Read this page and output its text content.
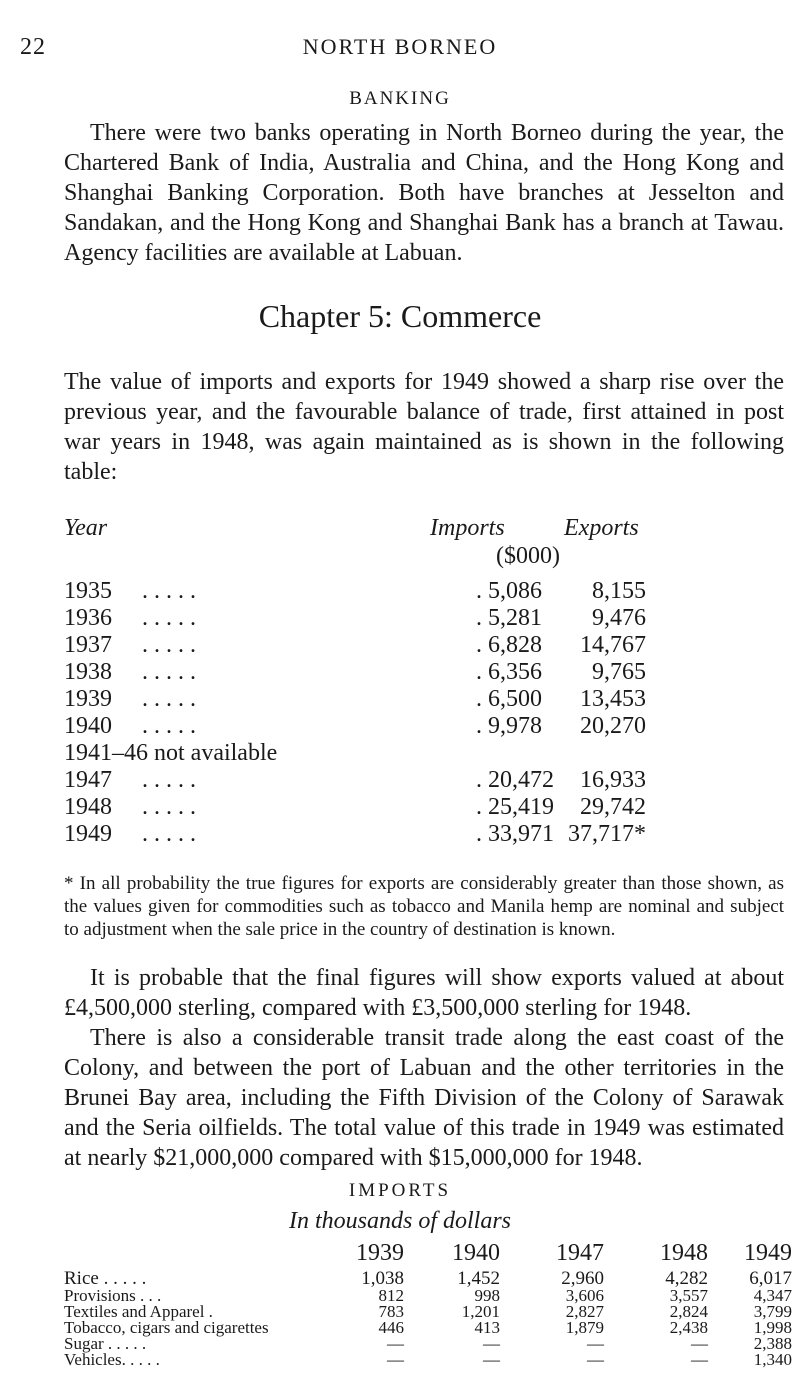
22	NORTH BORNEO
BANKING
There were two banks operating in North Borneo during the year, the Chartered Bank of India, Australia and China, and the Hong Kong and Shanghai Banking Corporation. Both have branches at Jesselton and Sandakan, and the Hong Kong and Shanghai Bank has a branch at Tawau. Agency facilities are available at Labuan.
Chapter 5: Commerce
The value of imports and exports for 1949 showed a sharp rise over the previous year, and the favourable balance of trade, first attained in post war years in 1948, was again maintained as is shown in the following table:
Year	Imports Exports
($000)
1935 . . . . .	. 5,086 8,155
1936 . . . . .	. 5,281 9,476
1937 . . . . .	. 6,828 14,767
1938 . . . . .	. 6,356 9,765
1939 . . . . .	. 6,500 13,453
1940 . . . . .	. 9,978 20,270
1941–46 not available
1947 . . . . .	. 20,472 16,933
1948 . . . . .	. 25,419 29,742
1949 . . . . .	. 33,971 37,717*
* In all probability the true figures for exports are considerably greater than those shown, as the values given for commodities such as tobacco and Manila hemp are nominal and subject to adjustment when the sale price in the country of destination is known.
It is probable that the final figures will show exports valued at about £4,500,000 sterling, compared with £3,500,000 sterling for 1948.
There is also a considerable transit trade along the east coast of the Colony, and between the port of Labuan and the other territories in the Brunei Bay area, including the Fifth Division of the Colony of Sarawak and the Seria oilfields. The total value of this trade in 1949 was estimated at nearly $21,000,000 compared with $15,000,000 for 1948.
IMPORTS
In thousands of dollars
1939	1940	1947	1948	1949
Rice . . . . .	1,038	1,452	2,960	4,282	6,017
Provisions . . .	812	998	3,606	3,557	4,347
Textiles and Apparel .	783	1,201	2,827	2,824	3,799
Tobacco, cigars and cigarettes	446	413	1,879	2,438	1,998
Sugar . . . . .	—	—	—	—	2,388
Vehicles. . . . .	—	—	—	—	1,340
